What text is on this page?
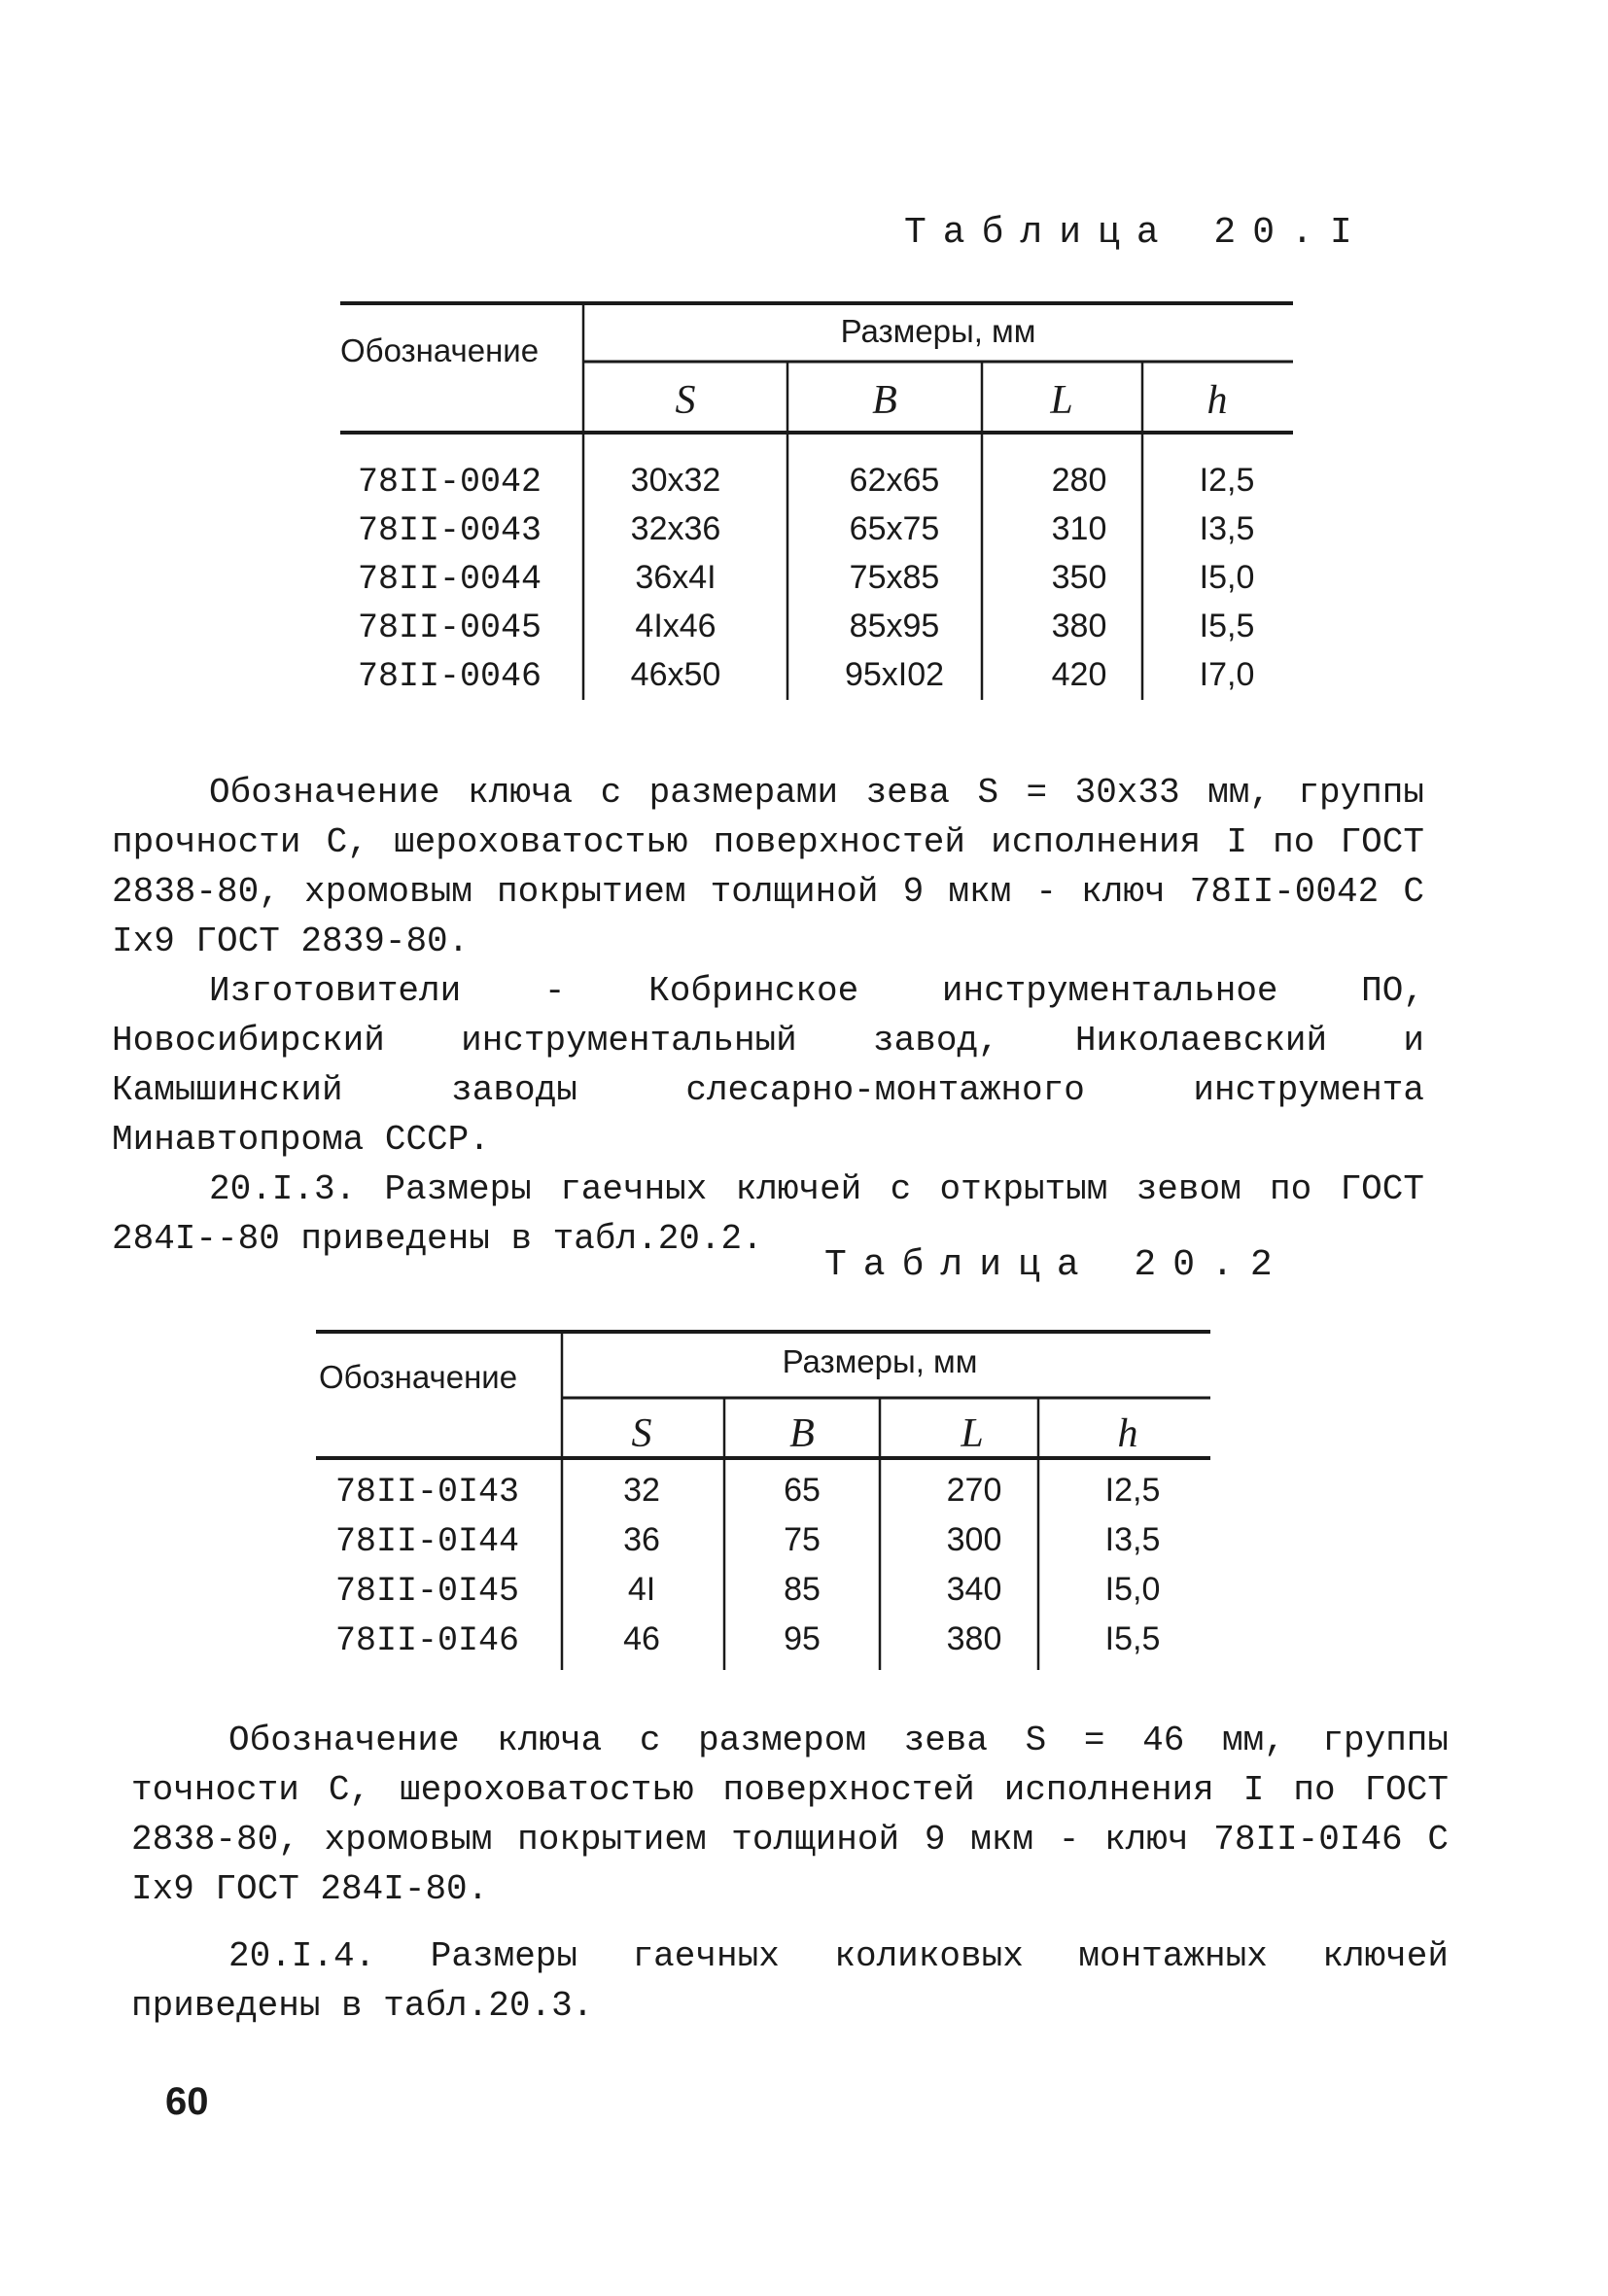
Таблица 20.I
Обозначение
Размеры, мм
S	B	L	h
78II-0042	30x32	62x65	280	I2,5
78II-0043	32x36	65x75	310	I3,5
78II-0044	36x4I	75x85	350	I5,0
78II-0045	4Ix46	85x95	380	I5,5
78II-0046	46x50	95xI02	420	I7,0

Обозначение ключа с размерами зева S = 30x33 мм, группы прочности С, шероховатостью поверхностей исполнения I по ГОСТ 2838-80, хромовым покрытием толщиной 9 мкм - ключ 78II-0042 С Ix9 ГОСТ 2839-80.

Изготовители - Кобринское инструментальное ПО, Новосибирский инструментальный завод, Николаевский и Камышинский заводы слесарно-монтажного инструмента Минавтопрома СССР.

20.I.3. Размеры гаечных ключей с открытым зевом по ГОСТ 284I--80 приведены в табл.20.2.

Таблица 20.2
Обозначение	Размеры, мм
S	B	L	h
78II-0I43	32	65	270	I2,5
78II-0I44	36	75	300	I3,5
78II-0I45	4I	85	340	I5,0
78II-0I46	46	95	380	I5,5

Обозначение ключа с размером зева S = 46 мм, группы точности С, шероховатостью поверхностей исполнения I по ГОСТ 2838-80, хромовым покрытием толщиной 9 мкм - ключ 78II-0I46 С Ix9 ГОСТ 284I-80.

20.I.4. Размеры гаечных коликовых монтажных ключей приведены в табл.20.3.

60
